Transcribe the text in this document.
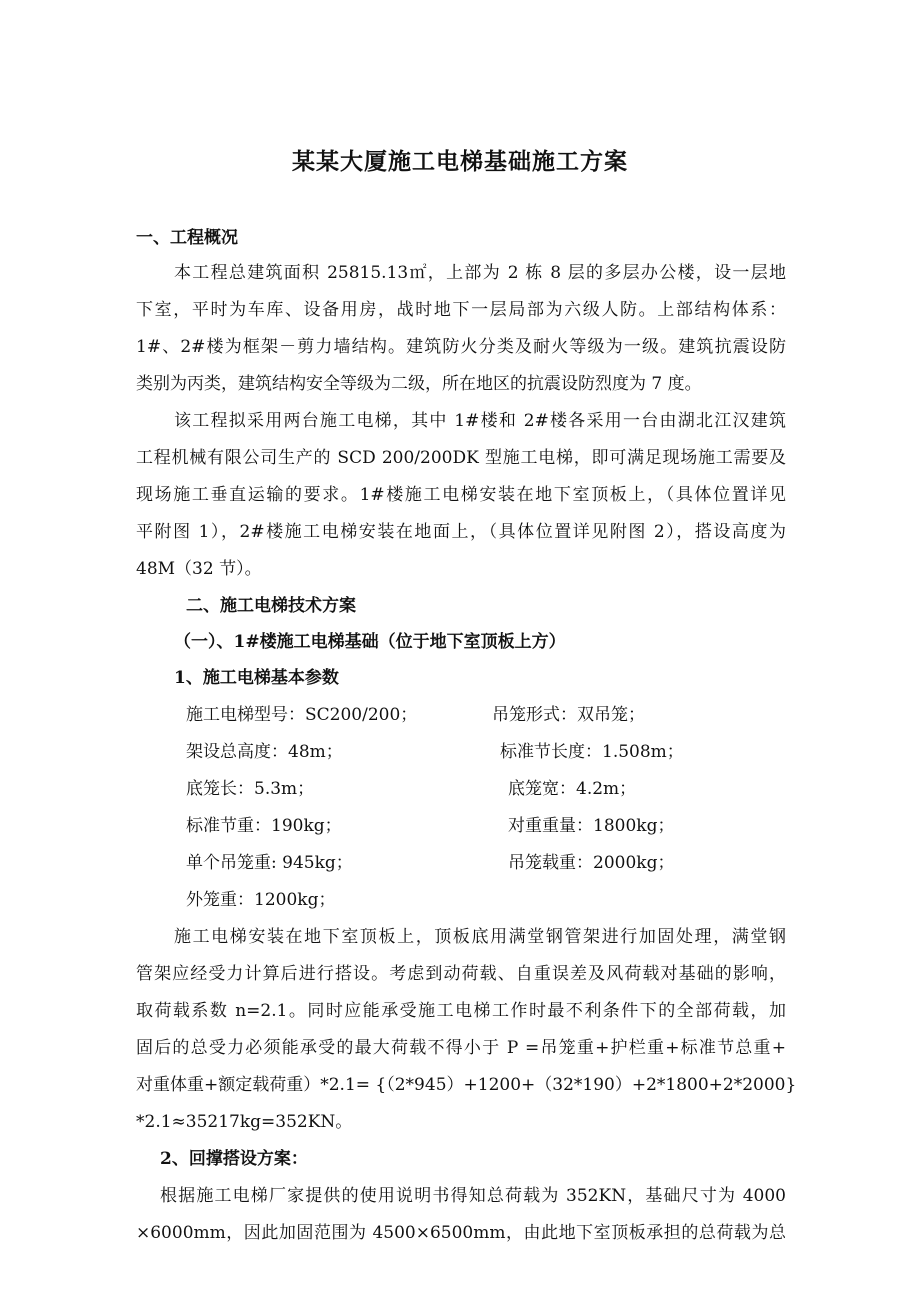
某某大厦施工电梯基础施工方案
一、工程概况
本工程总建筑面积 25815.13㎡，上部为 2 栋 8 层的多层办公楼，设一层地
下室，平时为车库、设备用房，战时地下一层局部为六级人防。上部结构体系：
1#、2#楼为框架－剪力墙结构。建筑防火分类及耐火等级为一级。建筑抗震设防
类别为丙类，建筑结构安全等级为二级，所在地区的抗震设防烈度为 7 度。
该工程拟采用两台施工电梯，其中 1#楼和 2#楼各采用一台由湖北江汉建筑
工程机械有限公司生产的 SCD 200/200DK 型施工电梯，即可满足现场施工需要及
现场施工垂直运输的要求。1#楼施工电梯安装在地下室顶板上，（具体位置详见
平附图 1），2#楼施工电梯安装在地面上，（具体位置详见附图 2），搭设高度为
48M（32 节）。
二、施工电梯技术方案
（一）、1#楼施工电梯基础（位于地下室顶板上方）
1、施工电梯基本参数
施工电梯型号：SC200/200；	吊笼形式：双吊笼；
架设总高度：48m；	标准节长度：1.508m；
底笼长：5.3m；	底笼宽：4.2m；
标准节重：190kg；	对重重量：1800kg；
单个吊笼重: 945kg；	吊笼载重：2000kg；
外笼重：1200kg；
施工电梯安装在地下室顶板上，顶板底用满堂钢管架进行加固处理，满堂钢
管架应经受力计算后进行搭设。考虑到动荷载、自重误差及风荷载对基础的影响，
取荷载系数 n=2.1。同时应能承受施工电梯工作时最不利条件下的全部荷载，加
固后的总受力必须能承受的最大荷载不得小于 P =吊笼重+护栏重+标准节总重+
对重体重+额定载荷重）*2.1= {（2*945）+1200+（32*190）+2*1800+2*2000}
*2.1≈35217kg=352KN。
2、回撑搭设方案：
根据施工电梯厂家提供的使用说明书得知总荷载为 352KN，基础尺寸为 4000
×6000mm，因此加固范围为 4500×6500mm，由此地下室顶板承担的总荷载为总
